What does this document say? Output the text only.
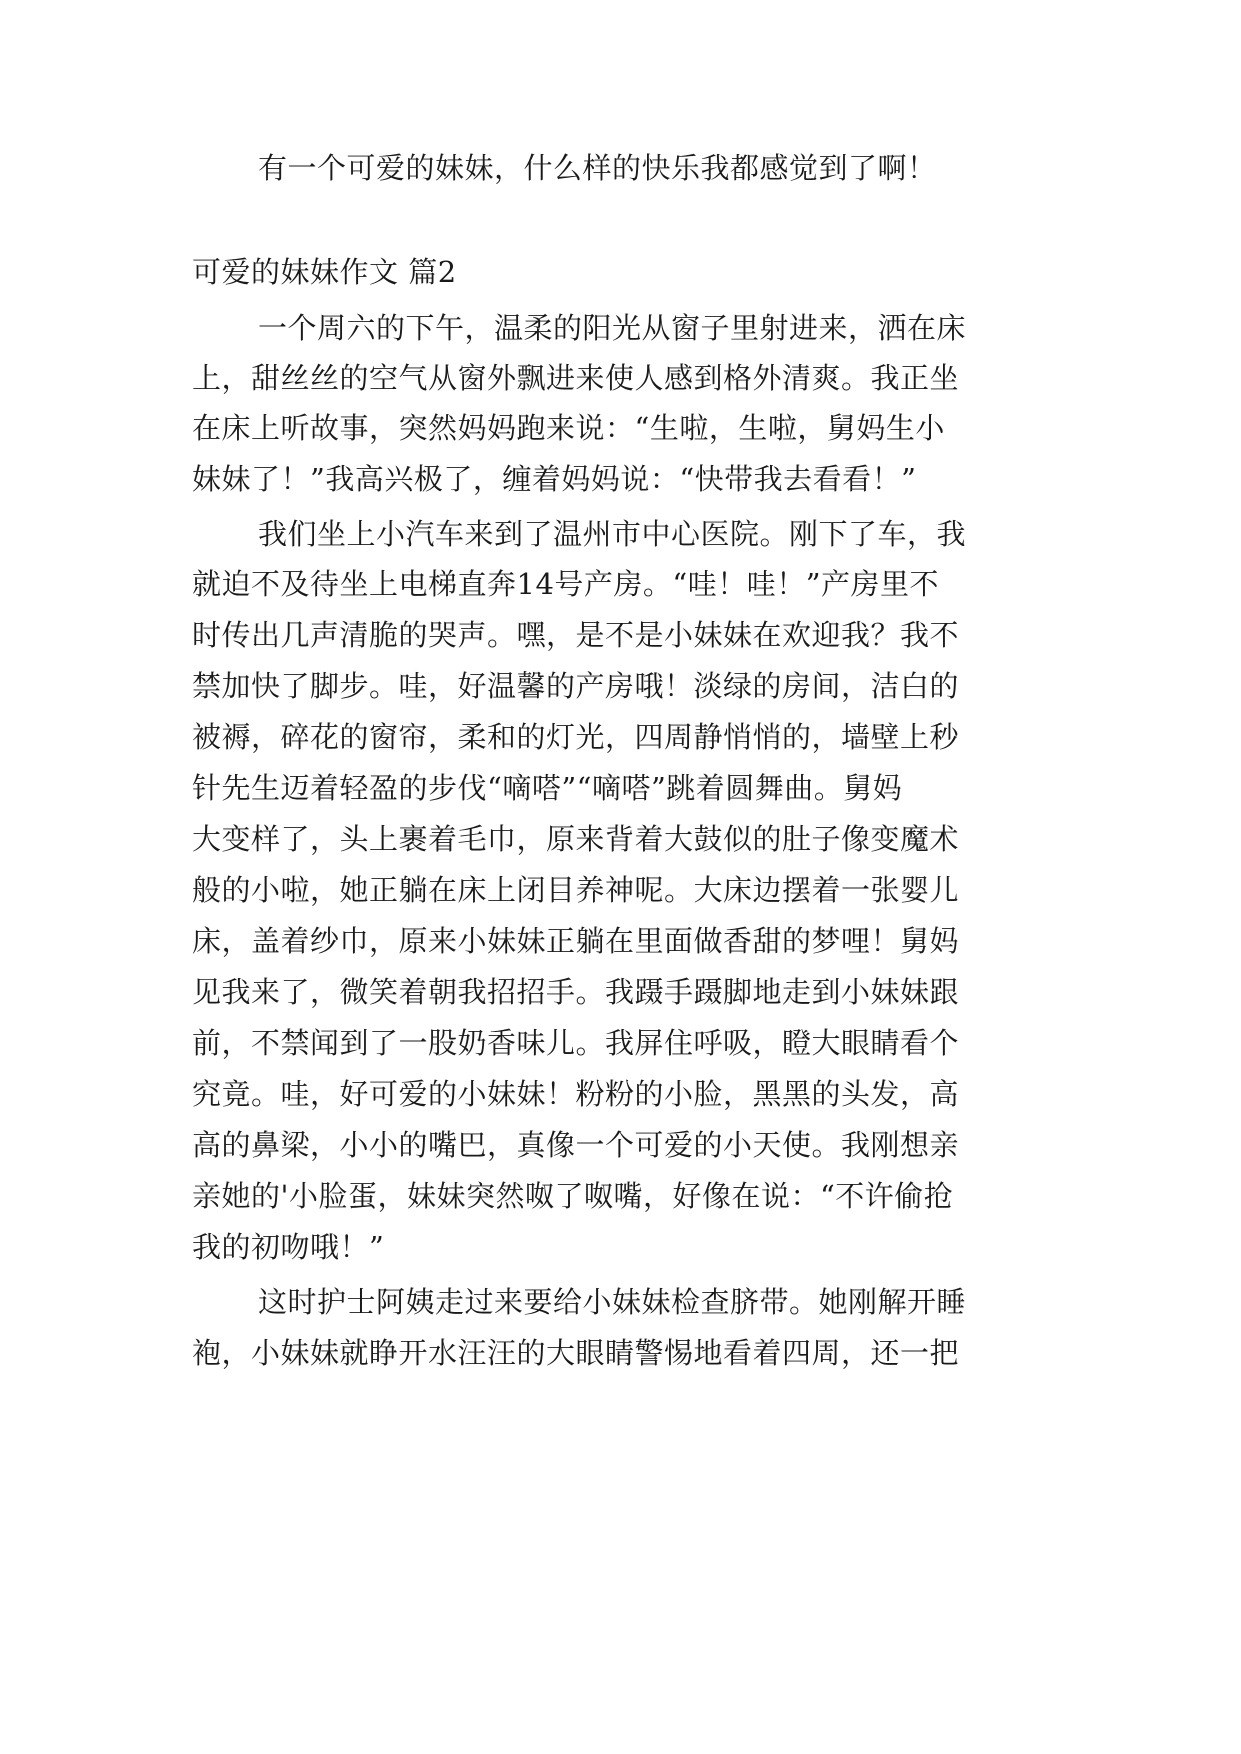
有一个可爱的妹妹，什么样的快乐我都感觉到了啊！
可爱的妹妹作文 篇2
一个周六的下午，温柔的阳光从窗子里射进来，洒在床
上，甜丝丝的空气从窗外飘进来使人感到格外清爽。我正坐
在床上听故事，突然妈妈跑来说：“生啦，生啦，舅妈生小
妹妹了！”我高兴极了，缠着妈妈说：“快带我去看看！”
我们坐上小汽车来到了温州市中心医院。刚下了车，我
就迫不及待坐上电梯直奔14号产房。“哇！哇！”产房里不
时传出几声清脆的哭声。嘿，是不是小妹妹在欢迎我？我不
禁加快了脚步。哇，好温馨的产房哦！淡绿的房间，洁白的
被褥，碎花的窗帘，柔和的灯光，四周静悄悄的，墙壁上秒
针先生迈着轻盈的步伐“嘀嗒”“嘀嗒”跳着圆舞曲。舅妈
大变样了，头上裹着毛巾，原来背着大鼓似的肚子像变魔术
般的小啦，她正躺在床上闭目养神呢。大床边摆着一张婴儿
床，盖着纱巾，原来小妹妹正躺在里面做香甜的梦哩！舅妈
见我来了，微笑着朝我招招手。我蹑手蹑脚地走到小妹妹跟
前，不禁闻到了一股奶香味儿。我屏住呼吸，瞪大眼睛看个
究竟。哇，好可爱的小妹妹！粉粉的小脸，黑黑的头发，高
高的鼻梁，小小的嘴巴，真像一个可爱的小天使。我刚想亲
亲她的'小脸蛋，妹妹突然呶了呶嘴，好像在说：“不许偷抢
我的初吻哦！”
这时护士阿姨走过来要给小妹妹检查脐带。她刚解开睡
袍，小妹妹就睁开水汪汪的大眼睛警惕地看着四周，还一把
